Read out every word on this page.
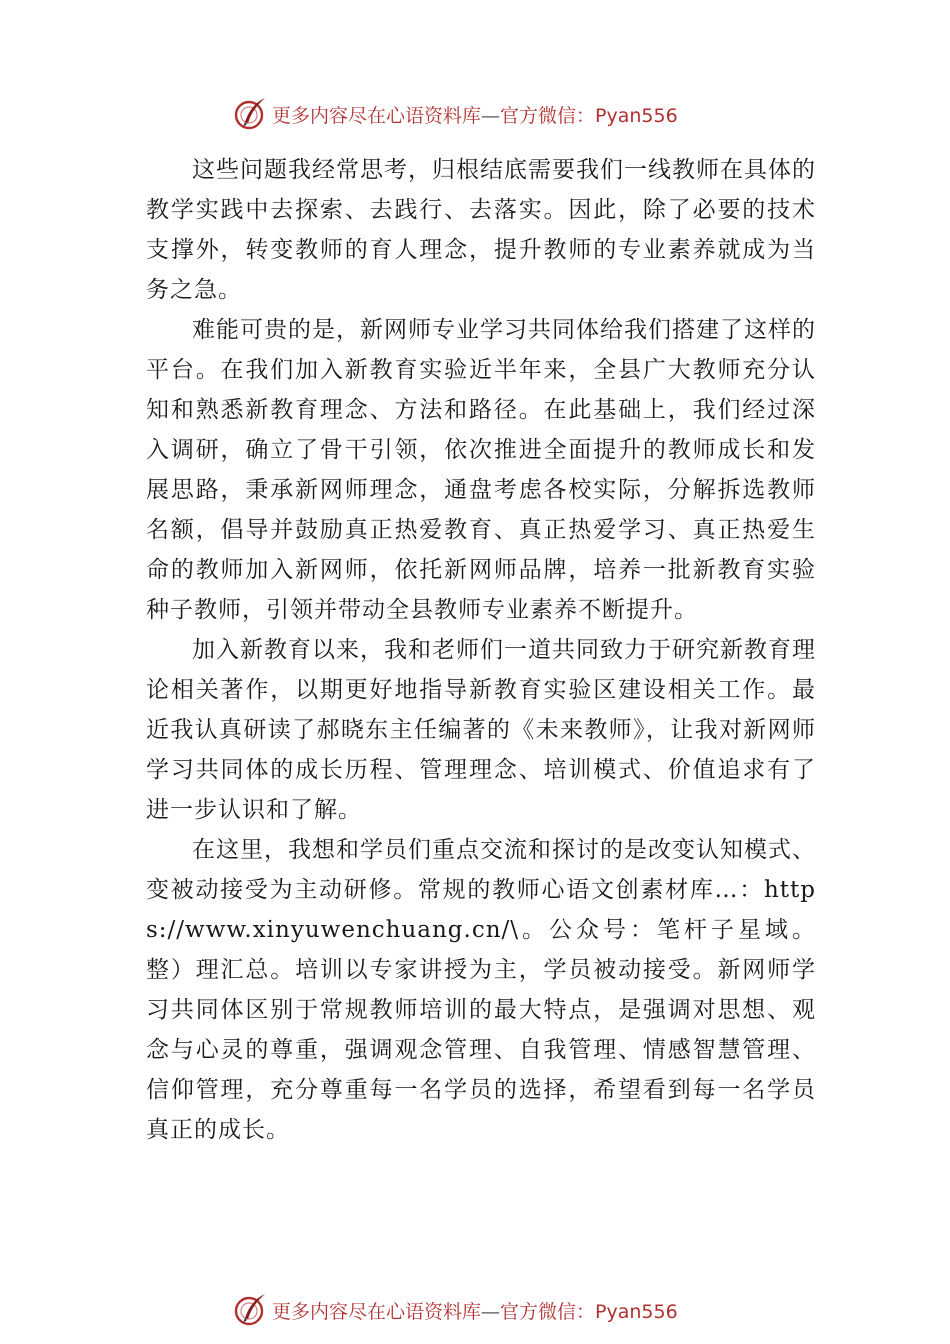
更多内容尽在心语资料库—官方微信：Pyan556

这些问题我经常思考，归根结底需要我们一线教师在具体的教学实践中去探索、去践行、去落实。因此，除了必要的技术支撑外，转变教师的育人理念，提升教师的专业素养就成为当务之急。

难能可贵的是，新网师专业学习共同体给我们搭建了这样的平台。在我们加入新教育实验近半年来，全县广大教师充分认知和熟悉新教育理念、方法和路径。在此基础上，我们经过深入调研，确立了骨干引领，依次推进全面提升的教师成长和发展思路，秉承新网师理念，通盘考虑各校实际，分解拆选教师名额，倡导并鼓励真正热爱教育、真正热爱学习、真正热爱生命的教师加入新网师，依托新网师品牌，培养一批新教育实验种子教师，引领并带动全县教师专业素养不断提升。

加入新教育以来，我和老师们一道共同致力于研究新教育理论相关著作，以期更好地指导新教育实验区建设相关工作。最近我认真研读了郝晓东主任编著的《未来教师》，让我对新网师学习共同体的成长历程、管理理念、培训模式、价值追求有了进一步认识和了解。

在这里，我想和学员们重点交流和探讨的是改变认知模式、变被动接受为主动研修。常规的教师心语文创素材库…：https://www.xinyuwenchuang.cn/\。公众号：笔杆子星域。整）理汇总。培训以专家讲授为主，学员被动接受。新网师学习共同体区别于常规教师培训的最大特点，是强调对思想、观念与心灵的尊重，强调观念管理、自我管理、情感智慧管理、信仰管理，充分尊重每一名学员的选择，希望看到每一名学员真正的成长。

更多内容尽在心语资料库—官方微信：Pyan556
